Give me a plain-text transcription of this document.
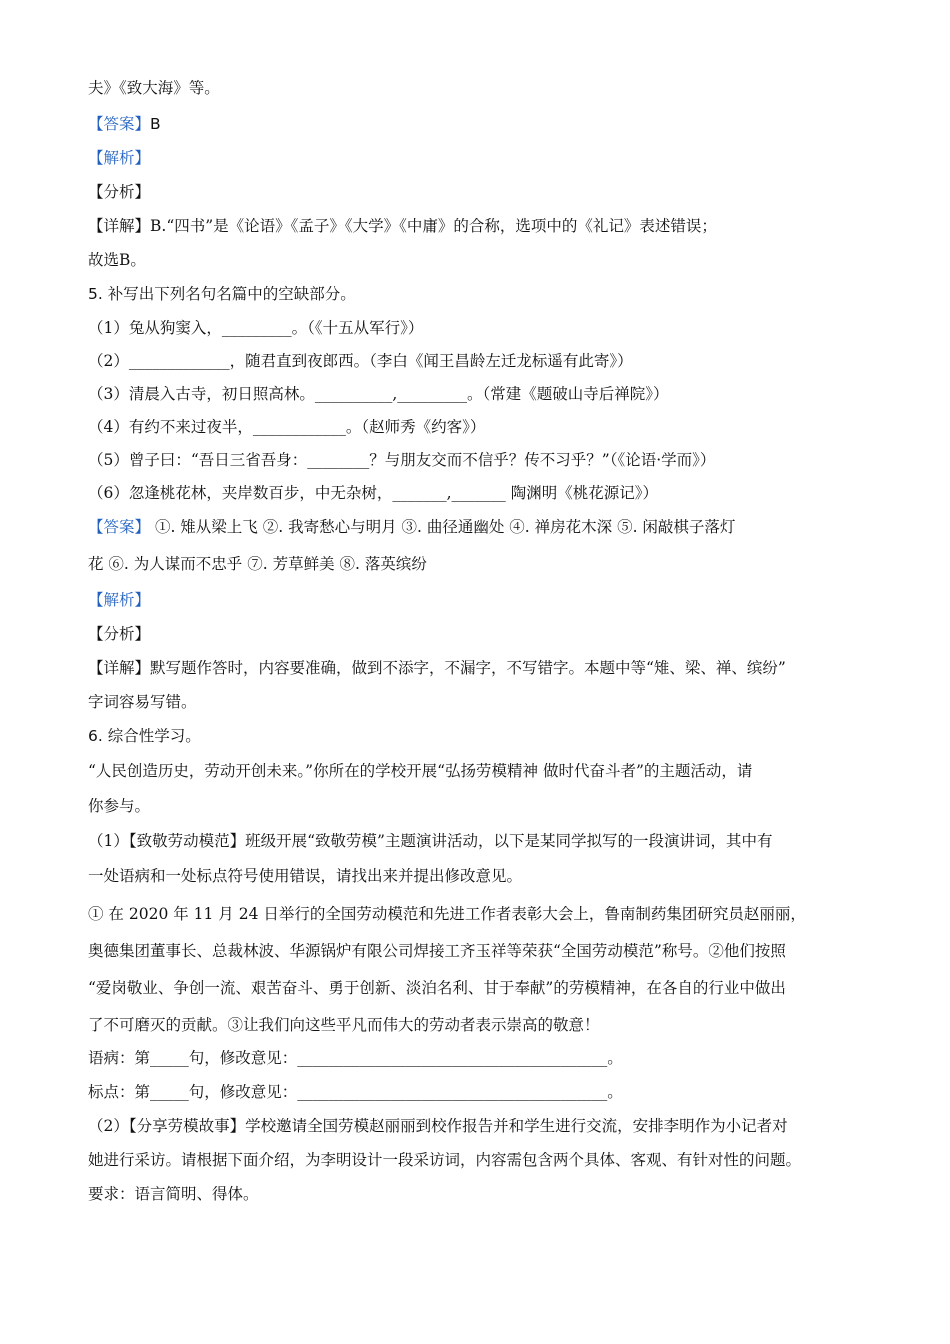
夫》《致大海》等。
【答案】B
【解析】
【分析】
【详解】B.“四书”是《论语》《孟子》《大学》《中庸》的合称，选项中的《礼记》表述错误；
故选B。
5. 补写出下列名句名篇中的空缺部分。
（1）兔从狗窦入，_________。（《十五从军行》）
（2）_____________，随君直到夜郎西。（李白《闻王昌龄左迁龙标遥有此寄》）
（3）清晨入古寺，初日照高林。__________,_________。（常建《题破山寺后禅院》）
（4）有约不来过夜半，____________。（赵师秀《约客》）
（5）曾子曰：“吾日三省吾身：________？与朋友交而不信乎？传不习乎？”（《论语·学而》）
（6）忽逢桃花林，夹岸数百步，中无杂树，_______,_______ 陶渊明《桃花源记》）
【答案】 ①. 雉从梁上飞 ②. 我寄愁心与明月 ③. 曲径通幽处 ④. 禅房花木深 ⑤. 闲敲棋子落灯
花 ⑥. 为人谋而不忠乎 ⑦. 芳草鲜美 ⑧. 落英缤纷
【解析】
【分析】
【详解】默写题作答时，内容要准确，做到不添字，不漏字，不写错字。本题中等“雉、梁、禅、缤纷”
字词容易写错。
6. 综合性学习。
“人民创造历史，劳动开创未来。”你所在的学校开展“弘扬劳模精神 做时代奋斗者”的主题活动，请
你参与。
（1）【致敬劳动模范】班级开展“致敬劳模”主题演讲活动，以下是某同学拟写的一段演讲词，其中有
一处语病和一处标点符号使用错误，请找出来并提出修改意见。
① 在 2020 年 11 月 24 日举行的全国劳动模范和先进工作者表彰大会上，鲁南制药集团研究员赵丽丽，
奥德集团董事长、总裁林波、华源锅炉有限公司焊接工齐玉祥等荣获“全国劳动模范”称号。②他们按照
“爱岗敬业、争创一流、艰苦奋斗、勇于创新、淡泊名利、甘于奉献”的劳模精神，在各自的行业中做出
了不可磨灭的贡献。③让我们向这些平凡而伟大的劳动者表示崇高的敬意！
语病：第_____句，修改意见：________________________________________。
标点：第_____句，修改意见：________________________________________。
（2）【分享劳模故事】学校邀请全国劳模赵丽丽到校作报告并和学生进行交流，安排李明作为小记者对
她进行采访。请根据下面介绍，为李明设计一段采访词，内容需包含两个具体、客观、有针对性的问题。
要求：语言简明、得体。
